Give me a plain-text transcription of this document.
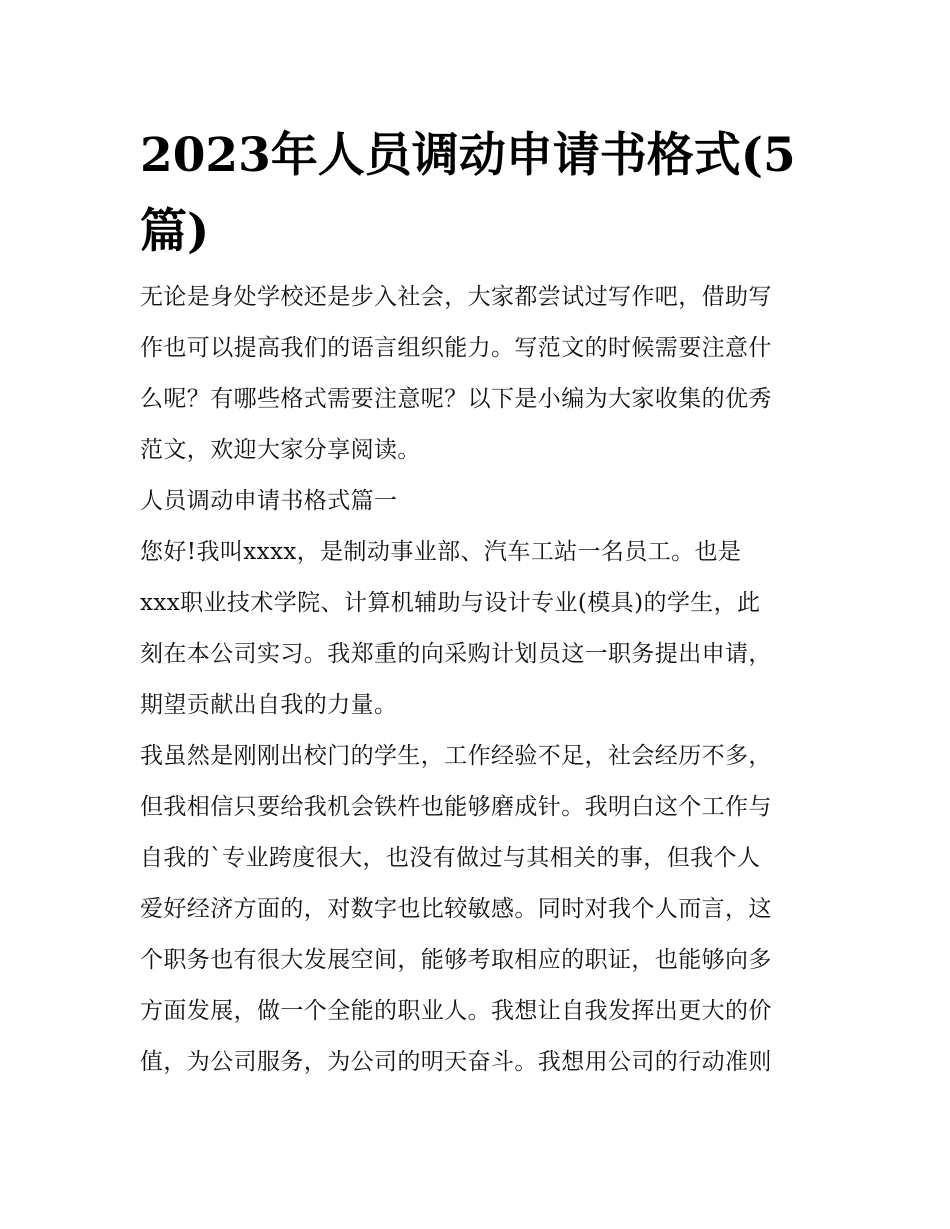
2023年人员调动申请书格式(5
篇)
无论是身处学校还是步入社会，大家都尝试过写作吧，借助写
作也可以提高我们的语言组织能力。写范文的时候需要注意什
么呢？有哪些格式需要注意呢？以下是小编为大家收集的优秀
范文，欢迎大家分享阅读。
人员调动申请书格式篇一
您好!我叫xxxx，是制动事业部、汽车工站一名员工。也是
xxx职业技术学院、计算机辅助与设计专业(模具)的学生，此
刻在本公司实习。我郑重的向采购计划员这一职务提出申请，
期望贡献出自我的力量。
我虽然是刚刚出校门的学生，工作经验不足，社会经历不多，
但我相信只要给我机会铁杵也能够磨成针。我明白这个工作与
自我的`专业跨度很大，也没有做过与其相关的事，但我个人
爱好经济方面的，对数字也比较敏感。同时对我个人而言，这
个职务也有很大发展空间，能够考取相应的职证，也能够向多
方面发展，做一个全能的职业人。我想让自我发挥出更大的价
值，为公司服务，为公司的明天奋斗。我想用公司的行动准则
